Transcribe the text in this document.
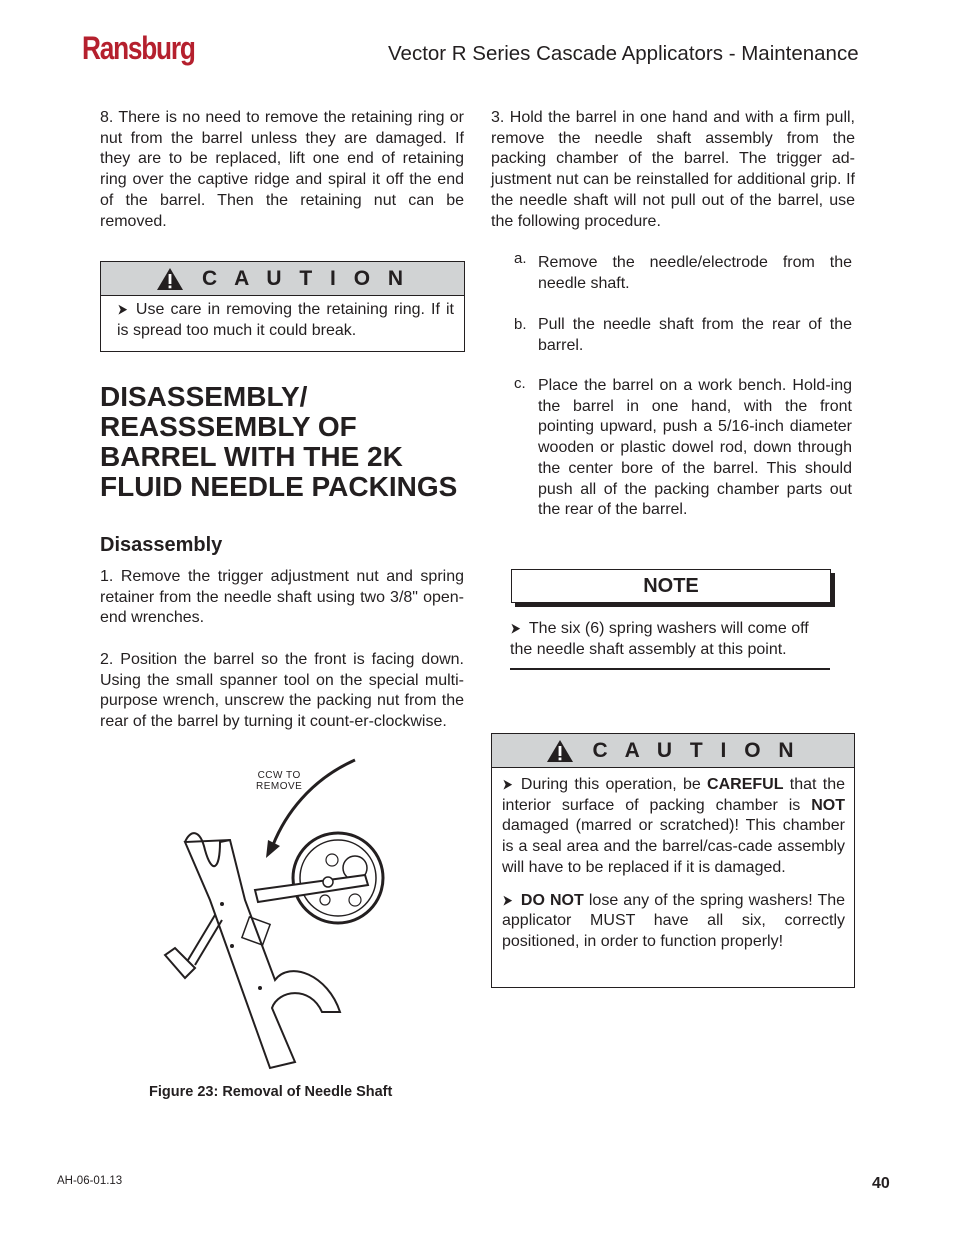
Ransburg	Vector R Series Cascade Applicators - Maintenance

8. There is no need to remove the retaining ring or nut from the barrel unless they are damaged. If they are to be replaced, lift one end of retaining ring over the captive ridge and spiral it off the end of the barrel. Then the retaining nut can be removed.

C A U T I O N
➤ Use care in removing the retaining ring. If it is spread too much it could break.
DISASSEMBLY/ REASSSEMBLY OF BARREL WITH THE 2K FLUID NEEDLE PACKINGS
Disassembly

1. Remove the trigger adjustment nut and spring retainer from the needle shaft using two 3/8" open-end wrenches.

2. Position the barrel so the front is facing down. Using the small spanner tool on the special multi-purpose wrench, unscrew the packing nut from the rear of the barrel by turning it count-er-clockwise.

CCW TO
REMOVE
Figure 23: Removal of Needle Shaft

3. Hold the barrel in one hand and with a firm pull, remove the needle shaft assembly from the packing chamber of the barrel. The trigger ad-justment nut can be reinstalled for additional grip. If the needle shaft will not pull out of the barrel, use the following procedure.

a. Remove the needle/electrode from the needle shaft.

b. Pull the needle shaft from the rear of the barrel.

c. Place the barrel on a work bench. Hold-ing the barrel in one hand, with the front pointing upward, push a 5/16-inch diameter wooden or plastic dowel rod, down through the center bore of the barrel. This should push all of the packing chamber parts out the rear of the barrel.

NOTE
➤ The six (6) spring washers will come off the needle shaft assembly at this point.
C A U T I O N
➤ During this operation, be CAREFUL that the interior surface of packing chamber is NOT damaged (marred or scratched)! This chamber is a seal area and the barrel/cas-cade assembly will have to be replaced if it is damaged.
➤ DO NOT lose any of the spring washers! The applicator MUST have all six, correctly positioned, in order to function properly!
AH-06-01.13	40
